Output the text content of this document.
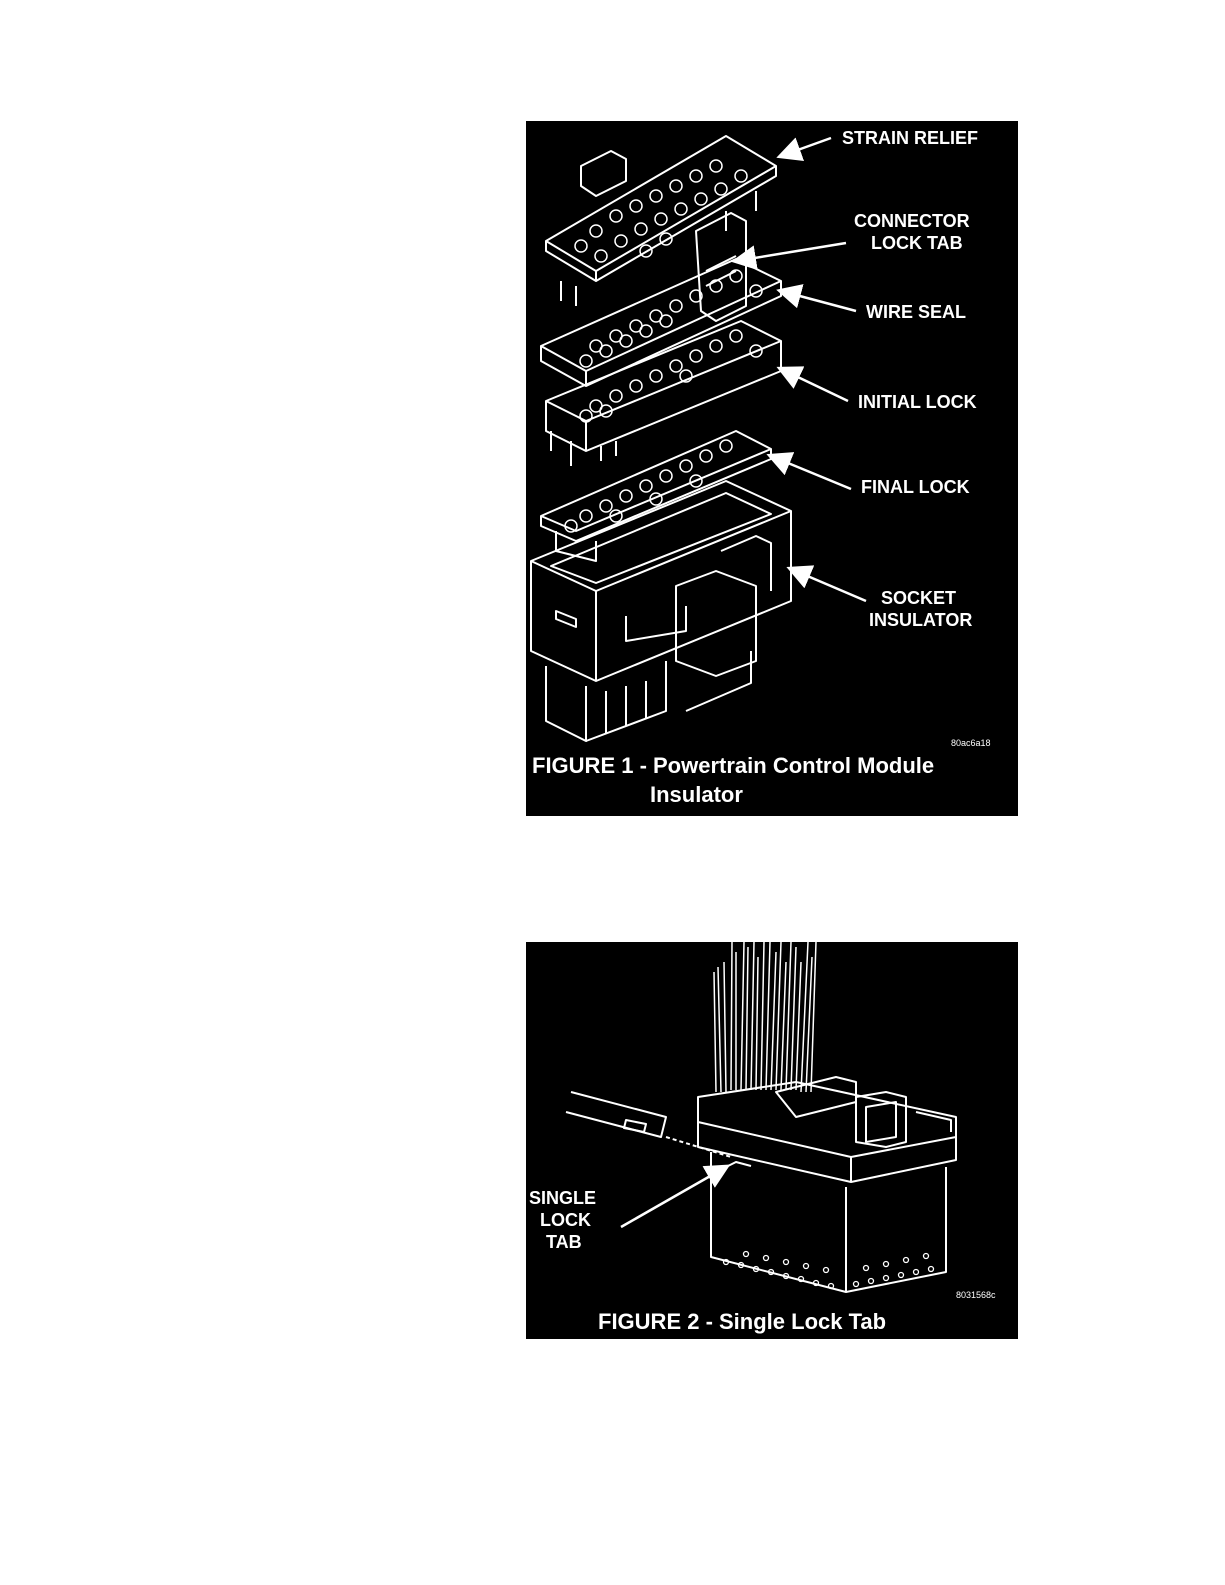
STRAIN RELIEF
CONNECTOR
LOCK TAB
WIRE SEAL
INITIAL LOCK
FINAL LOCK
SOCKET
INSULATOR
80ac6a18
FIGURE 1 - Powertrain Control Module
Insulator
SINGLE
LOCK
TAB
8031568c
FIGURE 2 - Single Lock Tab
